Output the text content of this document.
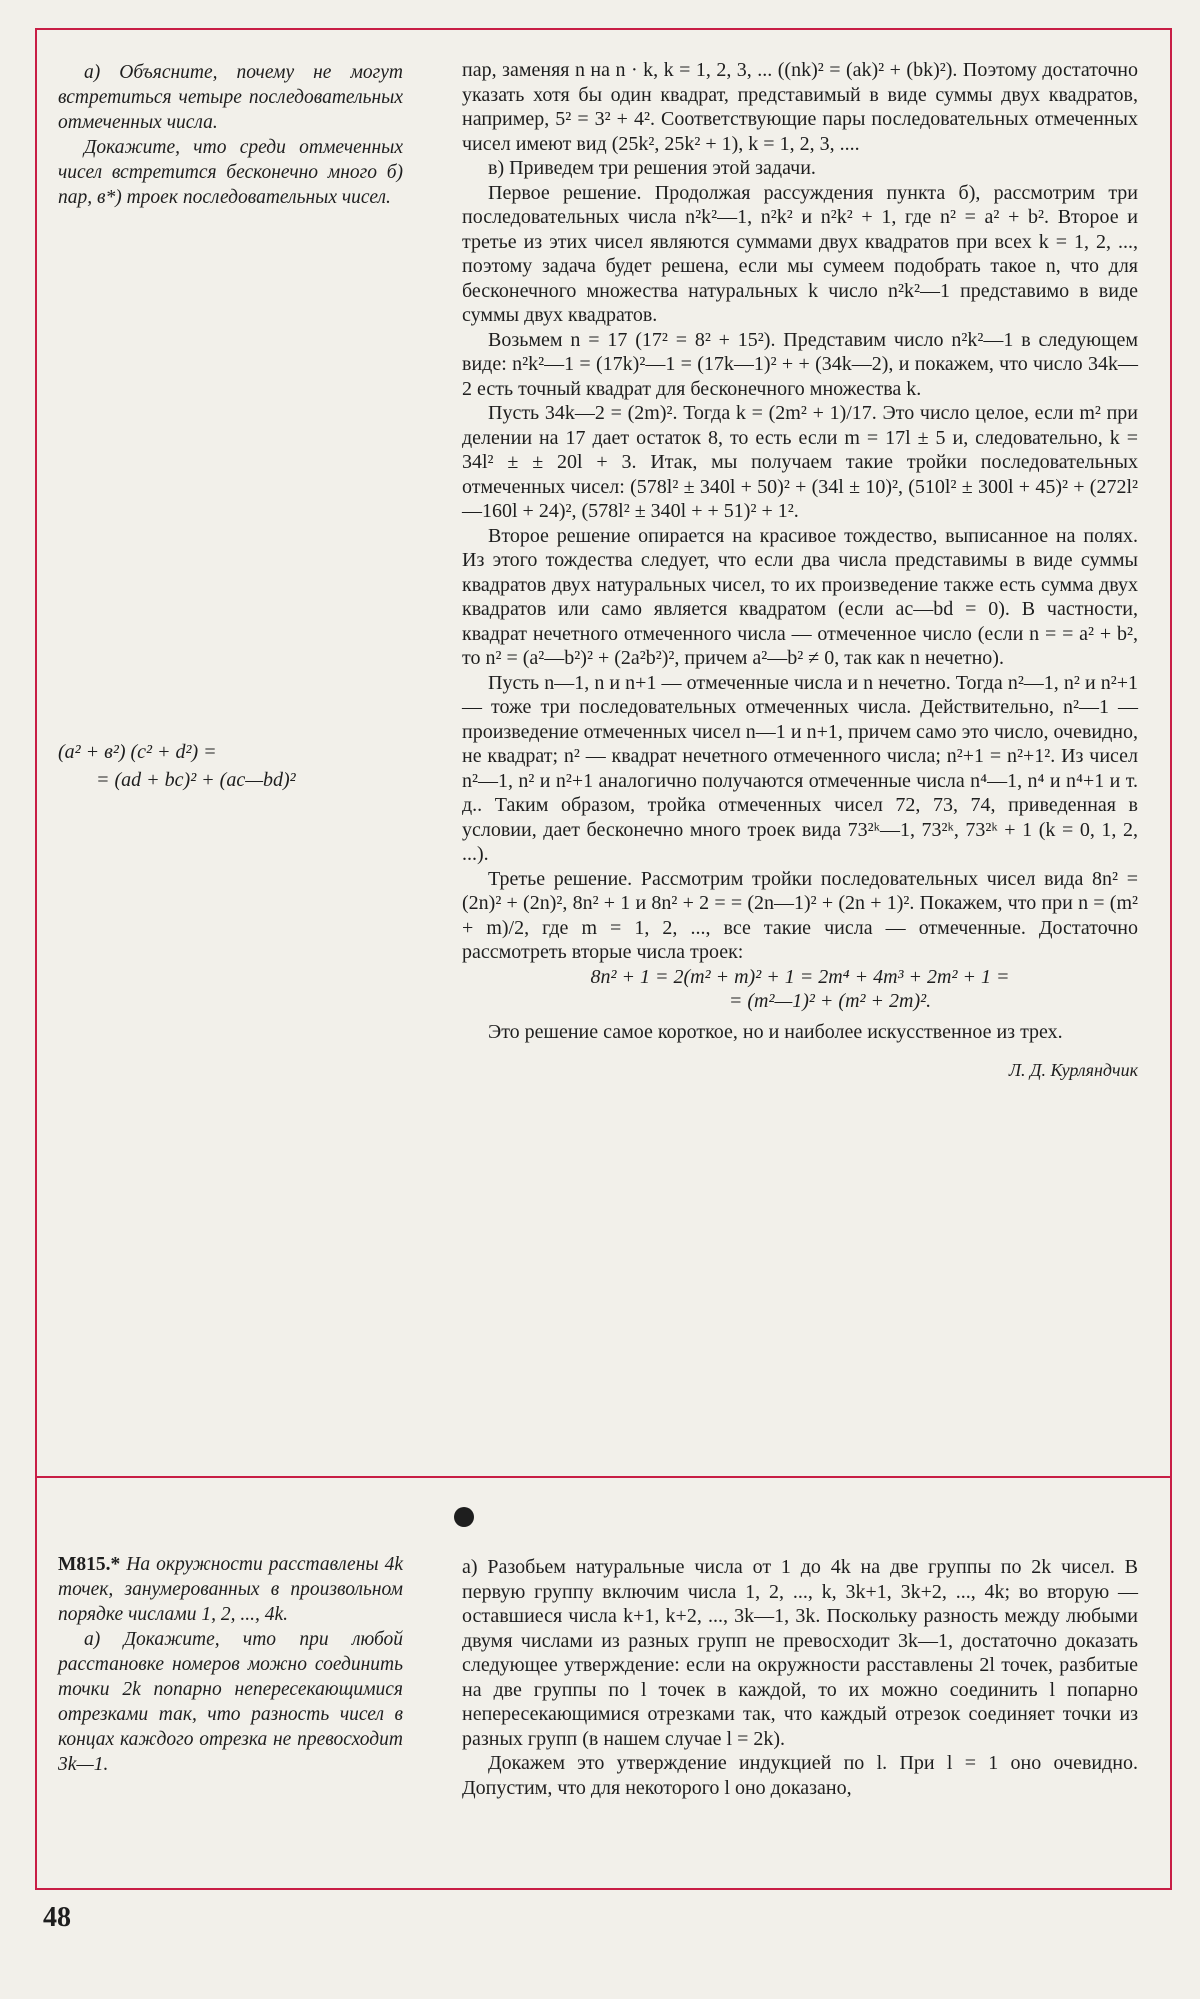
а) Объясните, почему не могут встретиться четыре последовательных отмеченных числа.

Докажите, что среди отмеченных чисел встретится бесконечно много б) пар, в*) троек последовательных чисел.

(a² + в²) (c² + d²) =
= (ad + bc)² + (ac—bd)²

пар, заменяя n на n · k, k = 1, 2, 3, ... ((nk)² = (ak)² + (bk)²). Поэтому достаточно указать хотя бы один квадрат, представимый в виде суммы двух квадратов, например, 5² = 3² + 4². Соответствующие пары последовательных отмеченных чисел имеют вид (25k², 25k² + 1), k = 1, 2, 3, ....

в) Приведем три решения этой задачи.

Первое решение. Продолжая рассуждения пункта б), рассмотрим три последовательных числа n²k²—1, n²k² и n²k² + 1, где n² = a² + b². Второе и третье из этих чисел являются суммами двух квадратов при всех k = 1, 2, ..., поэтому задача будет решена, если мы сумеем подобрать такое n, что для бесконечного множества натуральных k число n²k²—1 представимо в виде суммы двух квадратов.

Возьмем n = 17 (17² = 8² + 15²). Представим число n²k²—1 в следующем виде: n²k²—1 = (17k)²—1 = (17k—1)² + + (34k—2), и покажем, что число 34k—2 есть точный квадрат для бесконечного множества k.

Пусть 34k—2 = (2m)². Тогда k = (2m² + 1)/17. Это число целое, если m² при делении на 17 дает остаток 8, то есть если m = 17l ± 5 и, следовательно, k = 34l² ± ± 20l + 3. Итак, мы получаем такие тройки последовательных отмеченных чисел: (578l² ± 340l + 50)² + (34l ± 10)², (510l² ± 300l + 45)² + (272l²—160l + 24)², (578l² ± 340l + + 51)² + 1².

Второе решение опирается на красивое тождество, выписанное на полях. Из этого тождества следует, что если два числа представимы в виде суммы квадратов двух натуральных чисел, то их произведение также есть сумма двух квадратов или само является квадратом (если ac—bd = 0). В частности, квадрат нечетного отмеченного числа — отмеченное число (если n = = a² + b², то n² = (a²—b²)² + (2a²b²)², причем a²—b² ≠ 0, так как n нечетно).

Пусть n—1, n и n+1 — отмеченные числа и n нечетно. Тогда n²—1, n² и n²+1 — тоже три последовательных отмеченных числа. Действительно, n²—1 — произведение отмеченных чисел n—1 и n+1, причем само это число, очевидно, не квадрат; n² — квадрат нечетного отмеченного числа; n²+1 = n²+1². Из чисел n²—1, n² и n²+1 аналогично получаются отмеченные числа n⁴—1, n⁴ и n⁴+1 и т. д.. Таким образом, тройка отмеченных чисел 72, 73, 74, приведенная в условии, дает бесконечно много троек вида 73²ᵏ—1, 73²ᵏ, 73²ᵏ + 1 (k = 0, 1, 2, ...).

Третье решение. Рассмотрим тройки последовательных чисел вида 8n² = (2n)² + (2n)², 8n² + 1 и 8n² + 2 = = (2n—1)² + (2n + 1)². Покажем, что при n = (m² + m)/2, где m = 1, 2, ..., все такие числа — отмеченные. Достаточно рассмотреть вторые числа троек:

8n² + 1 = 2(m² + m)² + 1 = 2m⁴ + 4m³ + 2m² + 1 =

= (m²—1)² + (m² + 2m)².

Это решение самое короткое, но и наиболее искусственное из трех.

Л. Д. Курляндчик

М815.* На окружности расставлены 4k точек, занумерованных в произвольном порядке числами 1, 2, ..., 4k.

а) Докажите, что при любой расстановке номеров можно соединить точки 2k попарно непересекающимися отрезками так, что разность чисел в концах каждого отрезка не превосходит 3k—1.

а) Разобьем натуральные числа от 1 до 4k на две группы по 2k чисел. В первую группу включим числа 1, 2, ..., k, 3k+1, 3k+2, ..., 4k; во вторую — оставшиеся числа k+1, k+2, ..., 3k—1, 3k. Поскольку разность между любыми двумя числами из разных групп не превосходит 3k—1, достаточно доказать следующее утверждение: если на окружности расставлены 2l точек, разбитые на две группы по l точек в каждой, то их можно соединить l попарно непересекающимися отрезками так, что каждый отрезок соединяет точки из разных групп (в нашем случае l = 2k).

Докажем это утверждение индукцией по l. При l = 1 оно очевидно. Допустим, что для некоторого l оно доказано,

48
